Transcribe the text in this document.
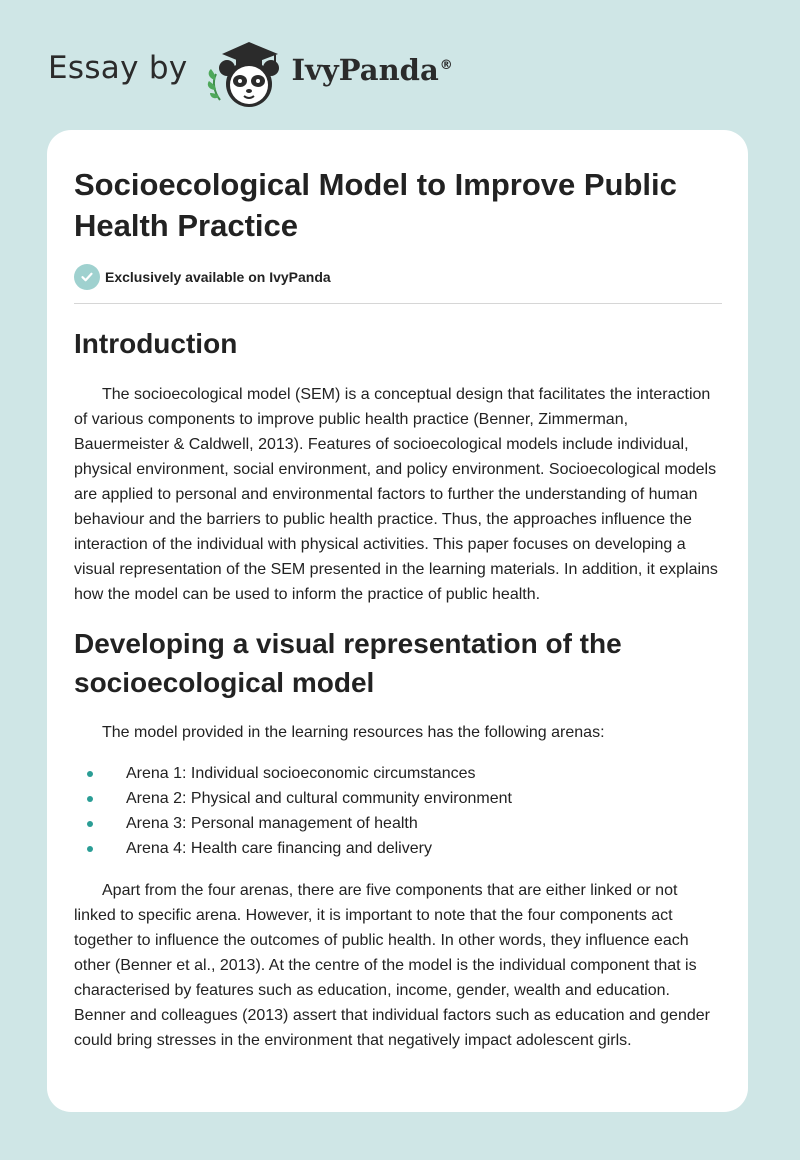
Essay by	IvyPanda®
Socioecological Model to Improve Public Health Practice
Exclusively available on IvyPanda
Introduction

The socioecological model (SEM) is a conceptual design that facilitates the interaction of various components to improve public health practice (Benner, Zimmerman, Bauermeister & Caldwell, 2013). Features of socioecological models include individual, physical environment, social environment, and policy environment. Socioecological models are applied to personal and environmental factors to further the understanding of human behaviour and the barriers to public health practice. Thus, the approaches influence the interaction of the individual with physical activities. This paper focuses on developing a visual representation of the SEM presented in the learning materials. In addition, it explains how the model can be used to inform the practice of public health.

Developing a visual representation of the socioecological model

The model provided in the learning resources has the following arenas:

Arena 1: Individual socioeconomic circumstances
Arena 2: Physical and cultural community environment
Arena 3: Personal management of health
Arena 4: Health care financing and delivery

Apart from the four arenas, there are five components that are either linked or not linked to specific arena. However, it is important to note that the four components act together to influence the outcomes of public health. In other words, they influence each other (Benner et al., 2013). At the centre of the model is the individual component that is characterised by features such as education, income, gender, wealth and education. Benner and colleagues (2013) assert that individual factors such as education and gender could bring stresses in the environment that negatively impact adolescent girls.
